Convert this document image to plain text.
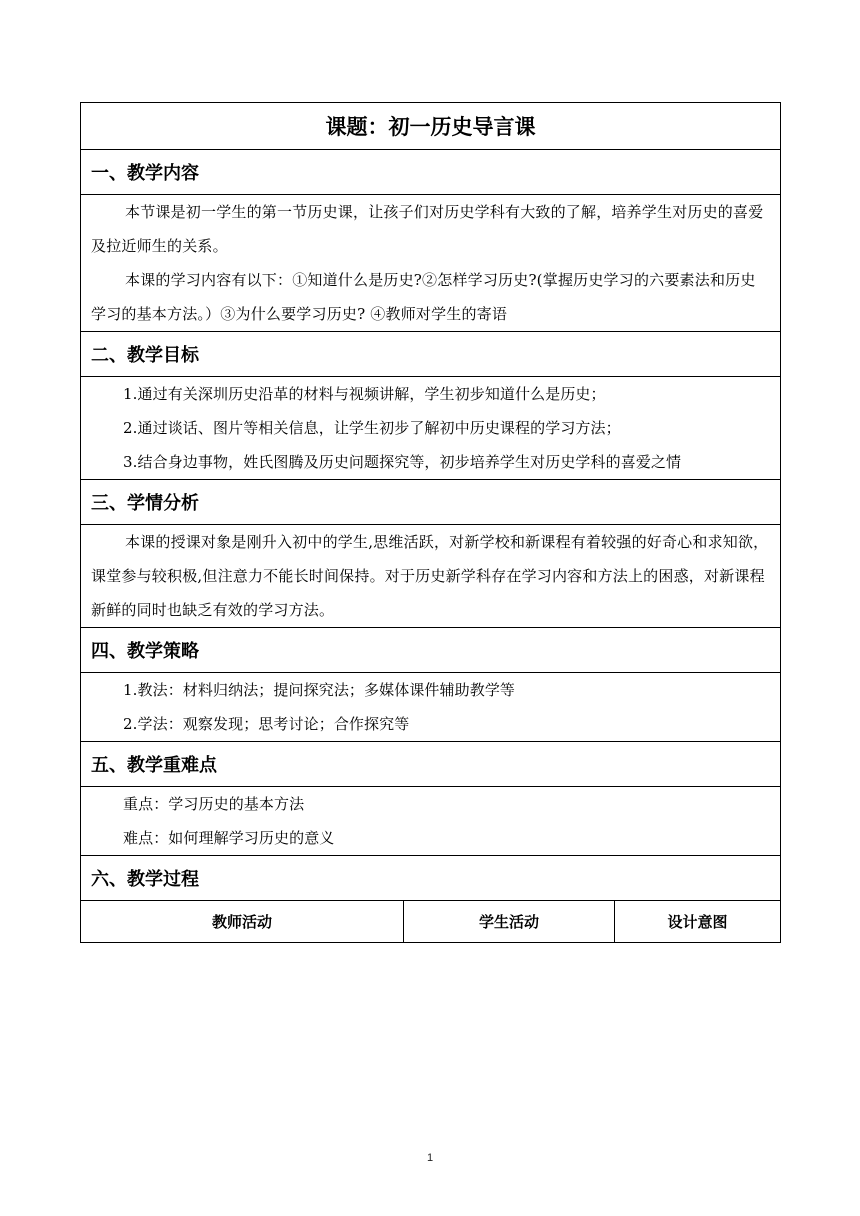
课题：初一历史导言课
一、教学内容

本节课是初一学生的第一节历史课，让孩子们对历史学科有大致的了解，培养学生对历史的喜爱及拉近师生的关系。

本课的学习内容有以下：①知道什么是历史?②怎样学习历史?(掌握历史学习的六要素法和历史学习的基本方法。）③为什么要学习历史? ④教师对学生的寄语

二、教学目标

1.通过有关深圳历史沿革的材料与视频讲解，学生初步知道什么是历史；

2.通过谈话、图片等相关信息，让学生初步了解初中历史课程的学习方法；

3.结合身边事物，姓氏图腾及历史问题探究等，初步培养学生对历史学科的喜爱之情

三、学情分析

本课的授课对象是刚升入初中的学生,思维活跃，对新学校和新课程有着较强的好奇心和求知欲，课堂参与较积极,但注意力不能长时间保持。对于历史新学科存在学习内容和方法上的困惑，对新课程新鲜的同时也缺乏有效的学习方法。

四、教学策略

1.教法：材料归纳法；提问探究法；多媒体课件辅助教学等

2.学法：观察发现；思考讨论；合作探究等

五、教学重难点

重点：学习历史的基本方法

难点：如何理解学习历史的意义

六、教学过程
教师活动	学生活动	设计意图
1
